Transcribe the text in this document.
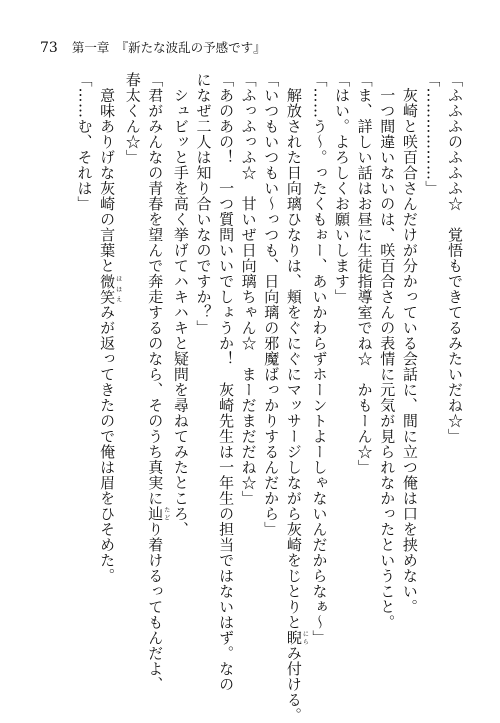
73 第一章　『新たな波乱の予感です』
「ふふふのふふふ☆　覚悟もできてるみたいだね☆」
「………………」
　灰崎と咲百合さんだけが分かっている会話に、間に立つ俺は口を挟めない。
　一つ間違いないのは、咲百合さんの表情に元気が見られなかったということ。
「ま、詳しい話はお昼に生徒指導室でね☆　かもーん☆」
「はい。よろしくお願いします」
「……う〜。ったくもぉー、あいかわらずホーントよーしゃないんだからなぁ〜」
　解放された日向璃ひなりは、頬をぐにぐにマッサージしながら灰崎をじとりと睨にらみ付ける。
「いつもいつもい〜っつも、日向璃の邪魔ばっかりするんだから」
「ふっふっふ☆　甘いぜ日向璃ちゃん☆　まーだまだだね☆」
「あのあの！　一つ質問いいでしょうか！　灰崎先生は一年生の担当ではないはず。なの
になぜ二人は知り合いなのですか？」
　シュビッと手を高く挙げてハキハキと疑問を尋ねてみたところ、
「君がみんなの青春を望んで奔走するのなら、そのうち真実に辿たどり着けるってもんだよ、
春太くん☆」
　意味ありげな灰崎の言葉と微笑ほほえみが返ってきたので俺は眉をひそめた。
「……む、それは」
